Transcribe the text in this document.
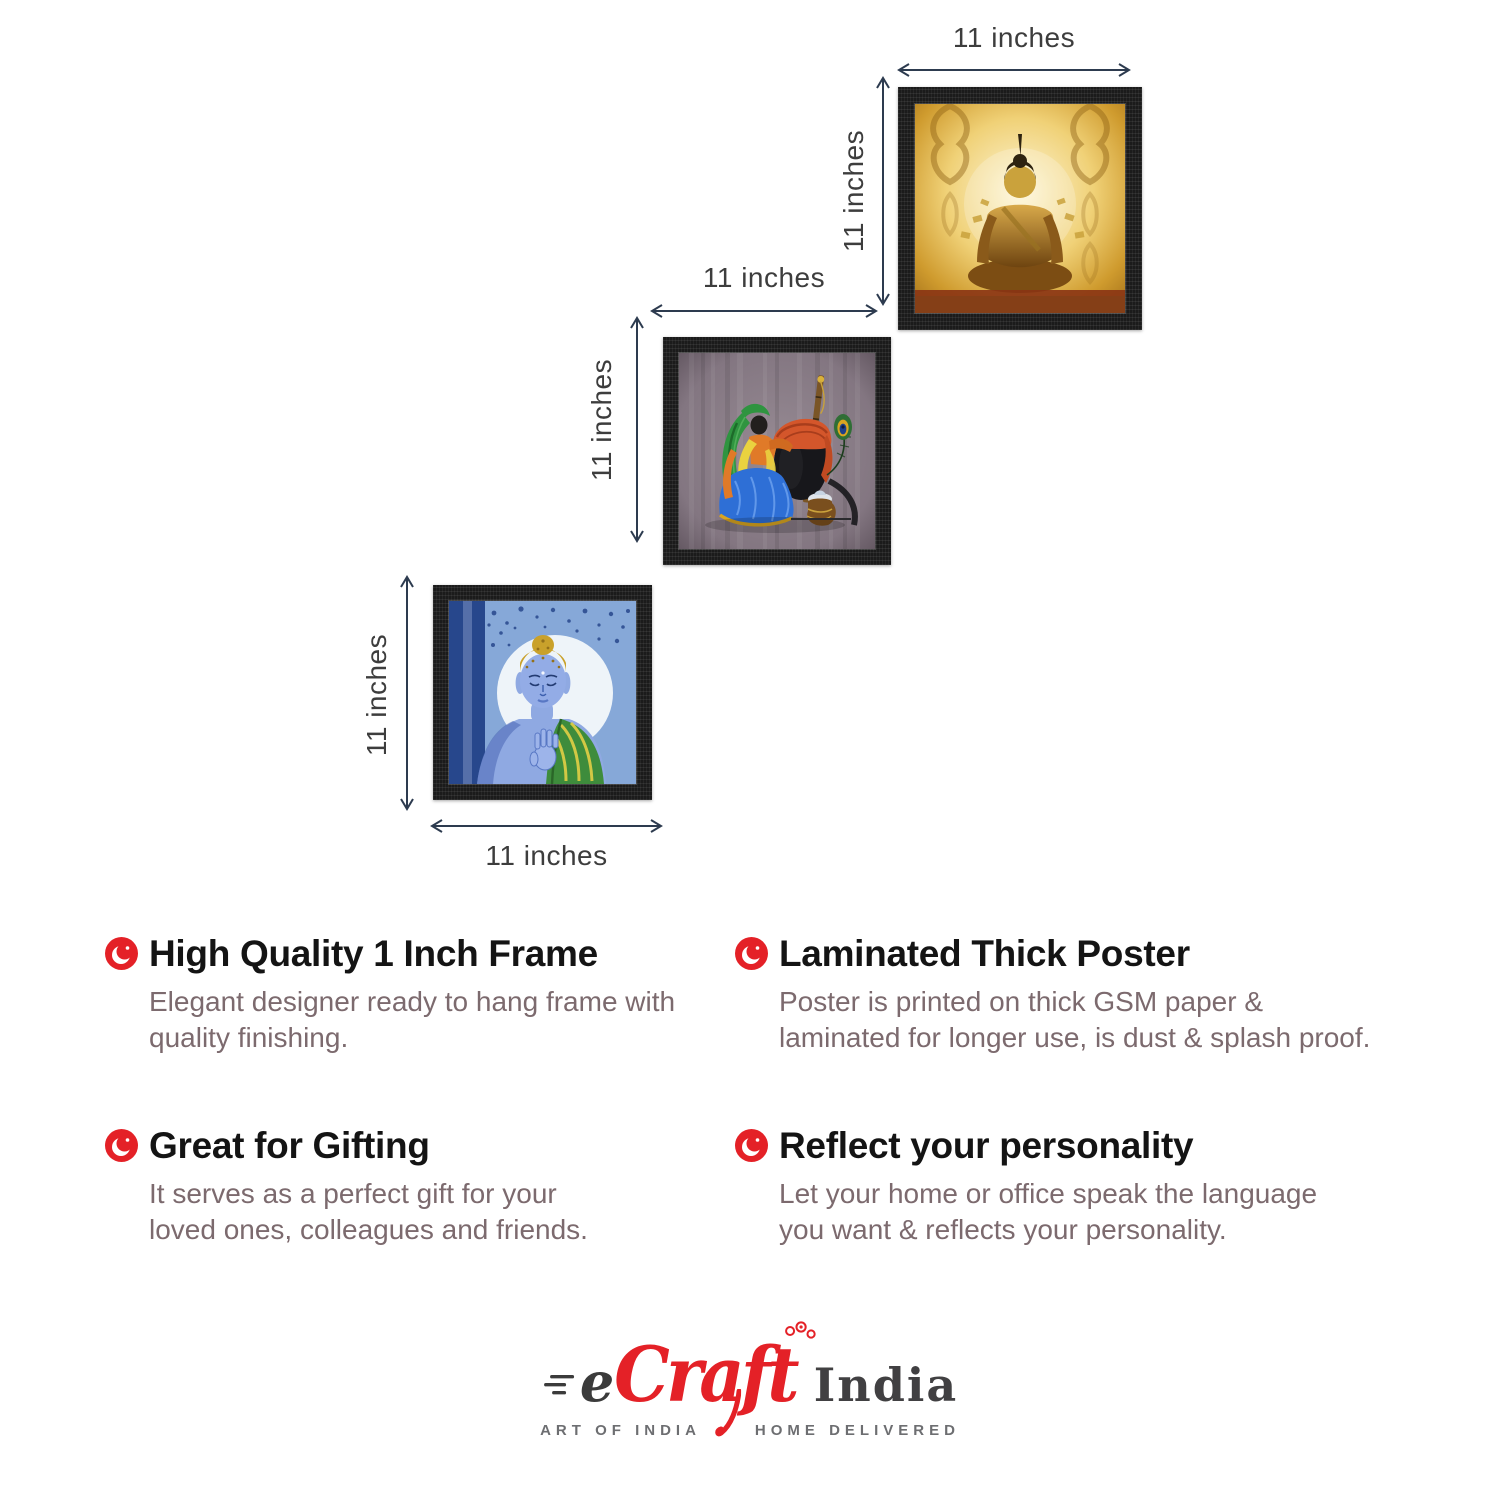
11 inches
11 inches
11 inches
11 inches
11 inches
11 inches
High Quality 1 Inch Frame
Elegant designer ready to hang frame with
quality finishing.
Laminated Thick Poster
Poster is printed on thick GSM paper &
laminated for longer use, is dust & splash proof.
Great for Gifting
It serves as a perfect gift for your
loved ones, colleagues and friends.
Reflect your personality
Let your home or office speak the language
you want & reflects your personality.
e Craft India
ART OF INDIA	HOME DELIVERED
